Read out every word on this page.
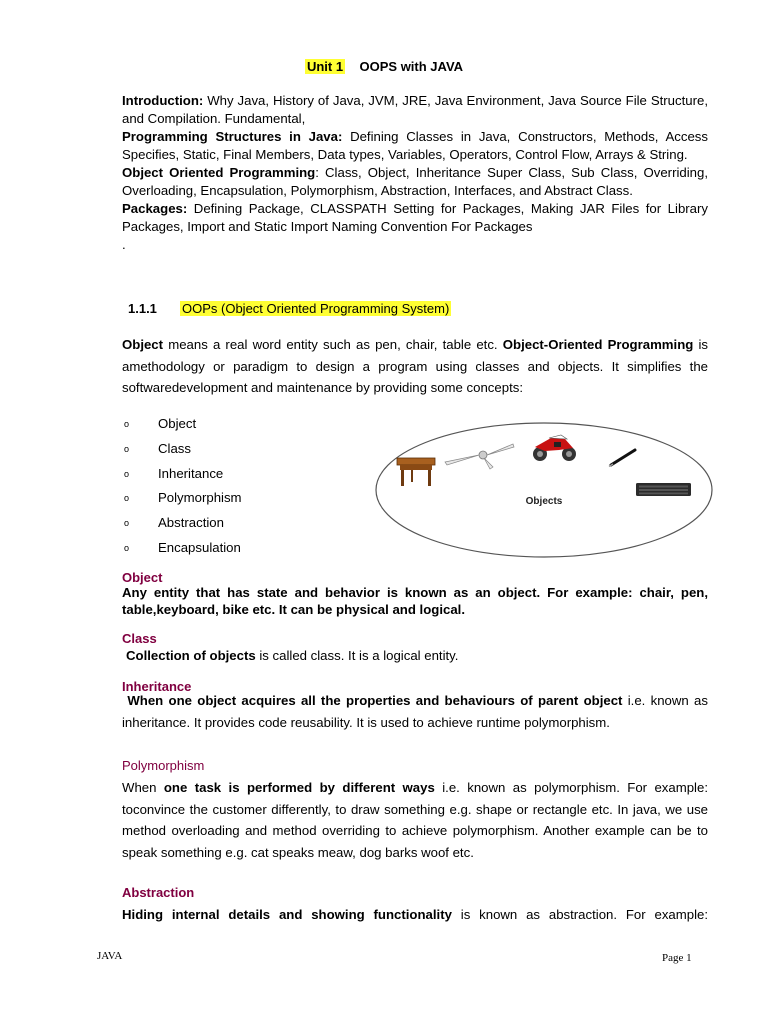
Unit 1 OOPS with JAVA

Introduction: Why Java, History of Java, JVM, JRE, Java Environment, Java Source File Structure, and Compilation. Fundamental,

Programming Structures in Java: Defining Classes in Java, Constructors, Methods, Access Specifies, Static, Final Members, Data types, Variables, Operators, Control Flow, Arrays & String.

Object Oriented Programming: Class, Object, Inheritance Super Class, Sub Class, Overriding, Overloading, Encapsulation, Polymorphism, Abstraction, Interfaces, and Abstract Class.

Packages: Defining Package, CLASSPATH Setting for Packages, Making JAR Files for Library Packages, Import and Static Import Naming Convention For Packages

.

1.1.1 OOPs (Object Oriented Programming System)
Object means a real word entity such as pen, chair, table etc. Object-Oriented Programming is amethodology or paradigm to design a program using classes and objects. It simplifies the softwaredevelopment and maintenance by providing some concepts:
o Object
o Class
o Inheritance
o Polymorphism
o Abstraction
o Encapsulation
Objects
Object
Any entity that has state and behavior is known as an object. For example: chair, pen, table,keyboard, bike etc. It can be physical and logical.
Class
Collection of objects is called class. It is a logical entity.
Inheritance
When one object acquires all the properties and behaviours of parent object i.e. known as inheritance. It provides code reusability. It is used to achieve runtime polymorphism.
Polymorphism
When one task is performed by different ways i.e. known as polymorphism. For example: toconvince the customer differently, to draw something e.g. shape or rectangle etc. In java, we use method overloading and method overriding to achieve polymorphism. Another example can be to speak something e.g. cat speaks meaw, dog barks woof etc.
Abstraction
Hiding internal details and showing functionality is known as abstraction. For example:
JAVA	Page 1
